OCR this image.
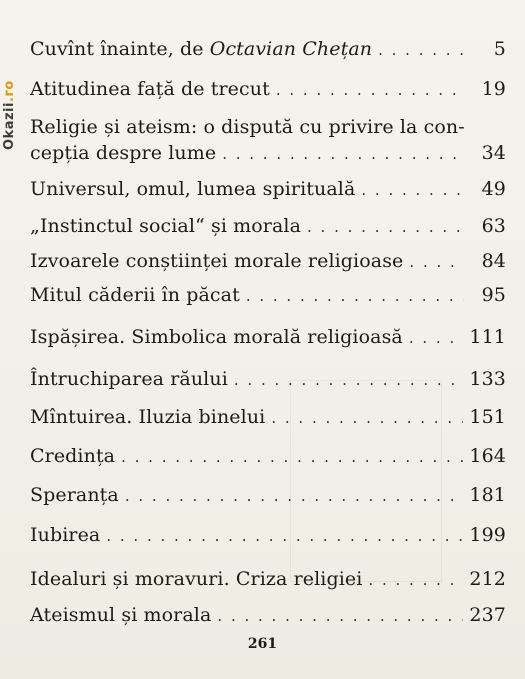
Okazii.ro
Cuvînt înainte, de Octavian Chețan . . .	5
Atitudinea față de trecut . . .	19
Religie și ateism: o dispută cu privire la con-
cepția despre lume . . .	34
Universul, omul, lumea spirituală . . .	49
„Instinctul social“ și morala . . .	63
Izvoarele conștiinței morale religioase . . .	84
Mitul căderii în păcat . . .	95
Ispășirea. Simbolica morală religioasă . . .	111
Întruchiparea răului . . .	133
Mîntuirea. Iluzia binelui . . .	151
Credința . . .	164
Speranța . . .	181
Iubirea . . .	199
Idealuri și moravuri. Criza religiei . . .	212
Ateismul și morala . . .	237
261
